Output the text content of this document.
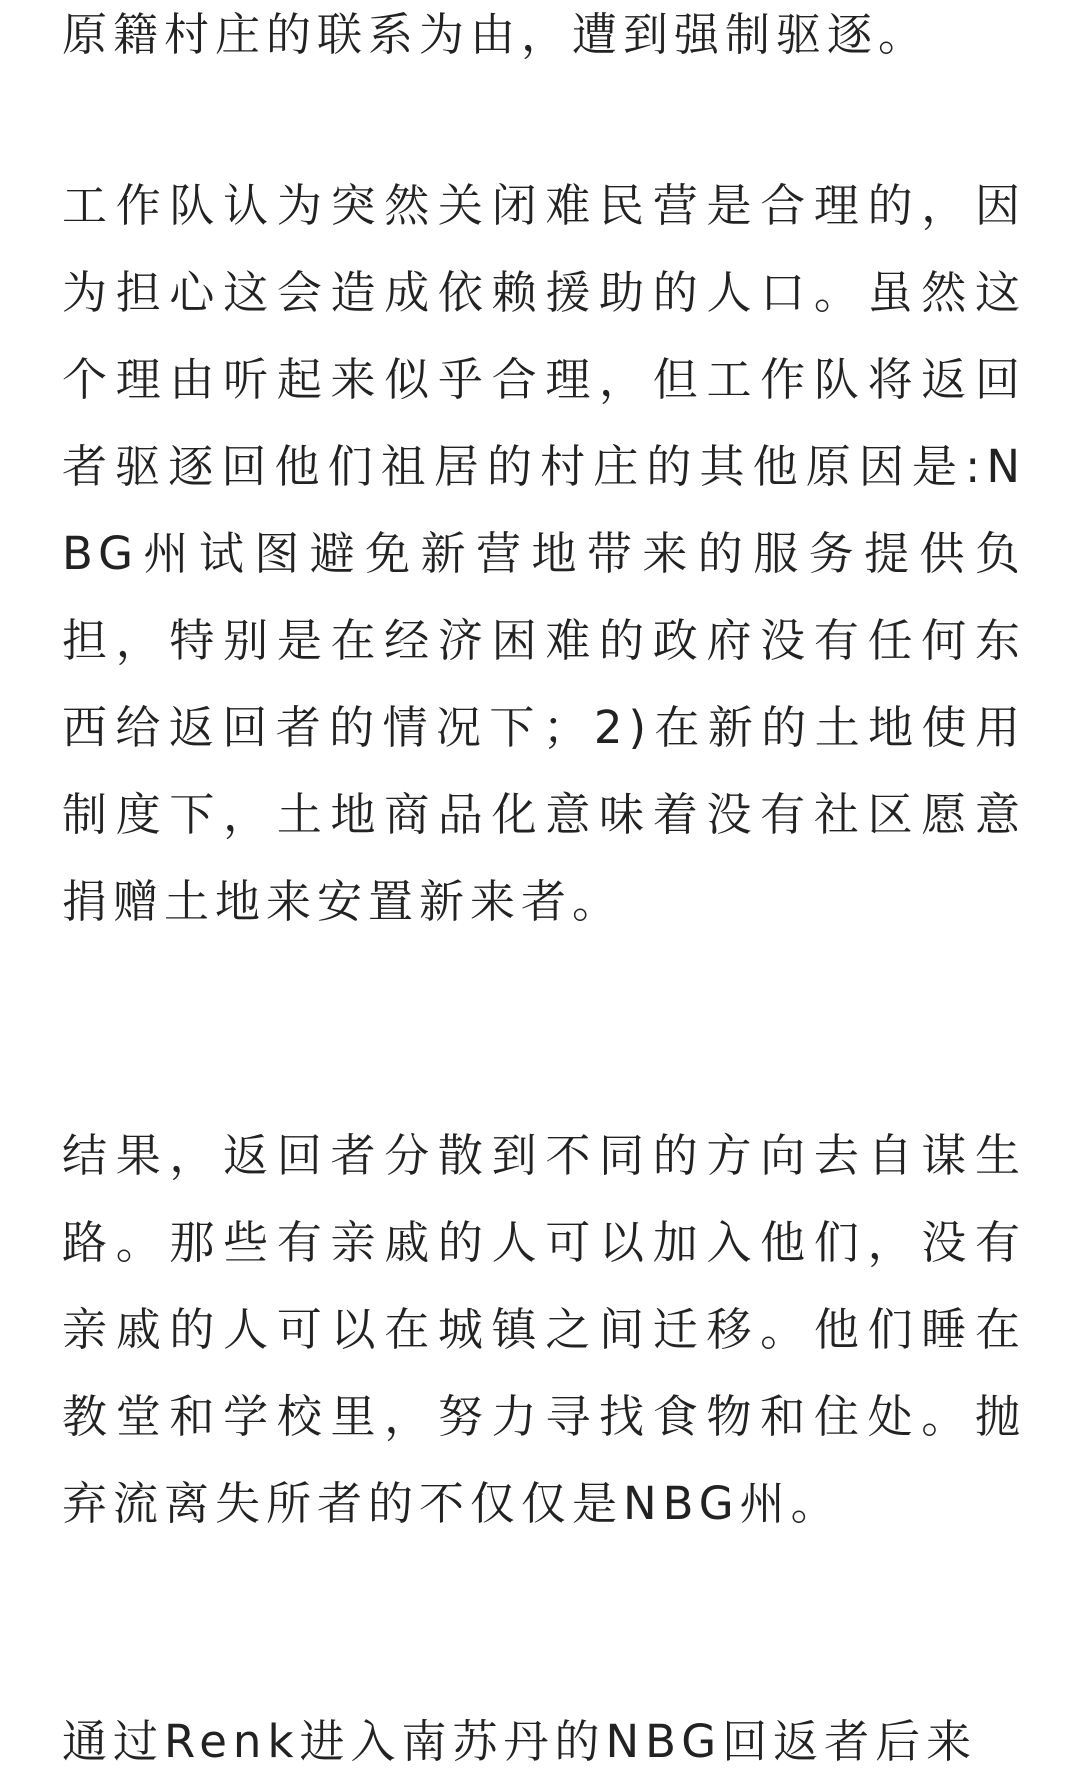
原籍村庄的联系为由，遭到强制驱逐。

工作队认为突然关闭难民营是合理的，因为担心这会造成依赖援助的人口。虽然这个理由听起来似乎合理，但工作队将返回者驱逐回他们祖居的村庄的其他原因是:NBG州试图避免新营地带来的服务提供负担，特别是在经济困难的政府没有任何东西给返回者的情况下；2)在新的土地使用制度下，土地商品化意味着没有社区愿意捐赠土地来安置新来者。

结果，返回者分散到不同的方向去自谋生路。那些有亲戚的人可以加入他们，没有亲戚的人可以在城镇之间迁移。他们睡在教堂和学校里，努力寻找食物和住处。抛弃流离失所者的不仅仅是NBG州。

通过Renk进入南苏丹的NBG回返者后来
